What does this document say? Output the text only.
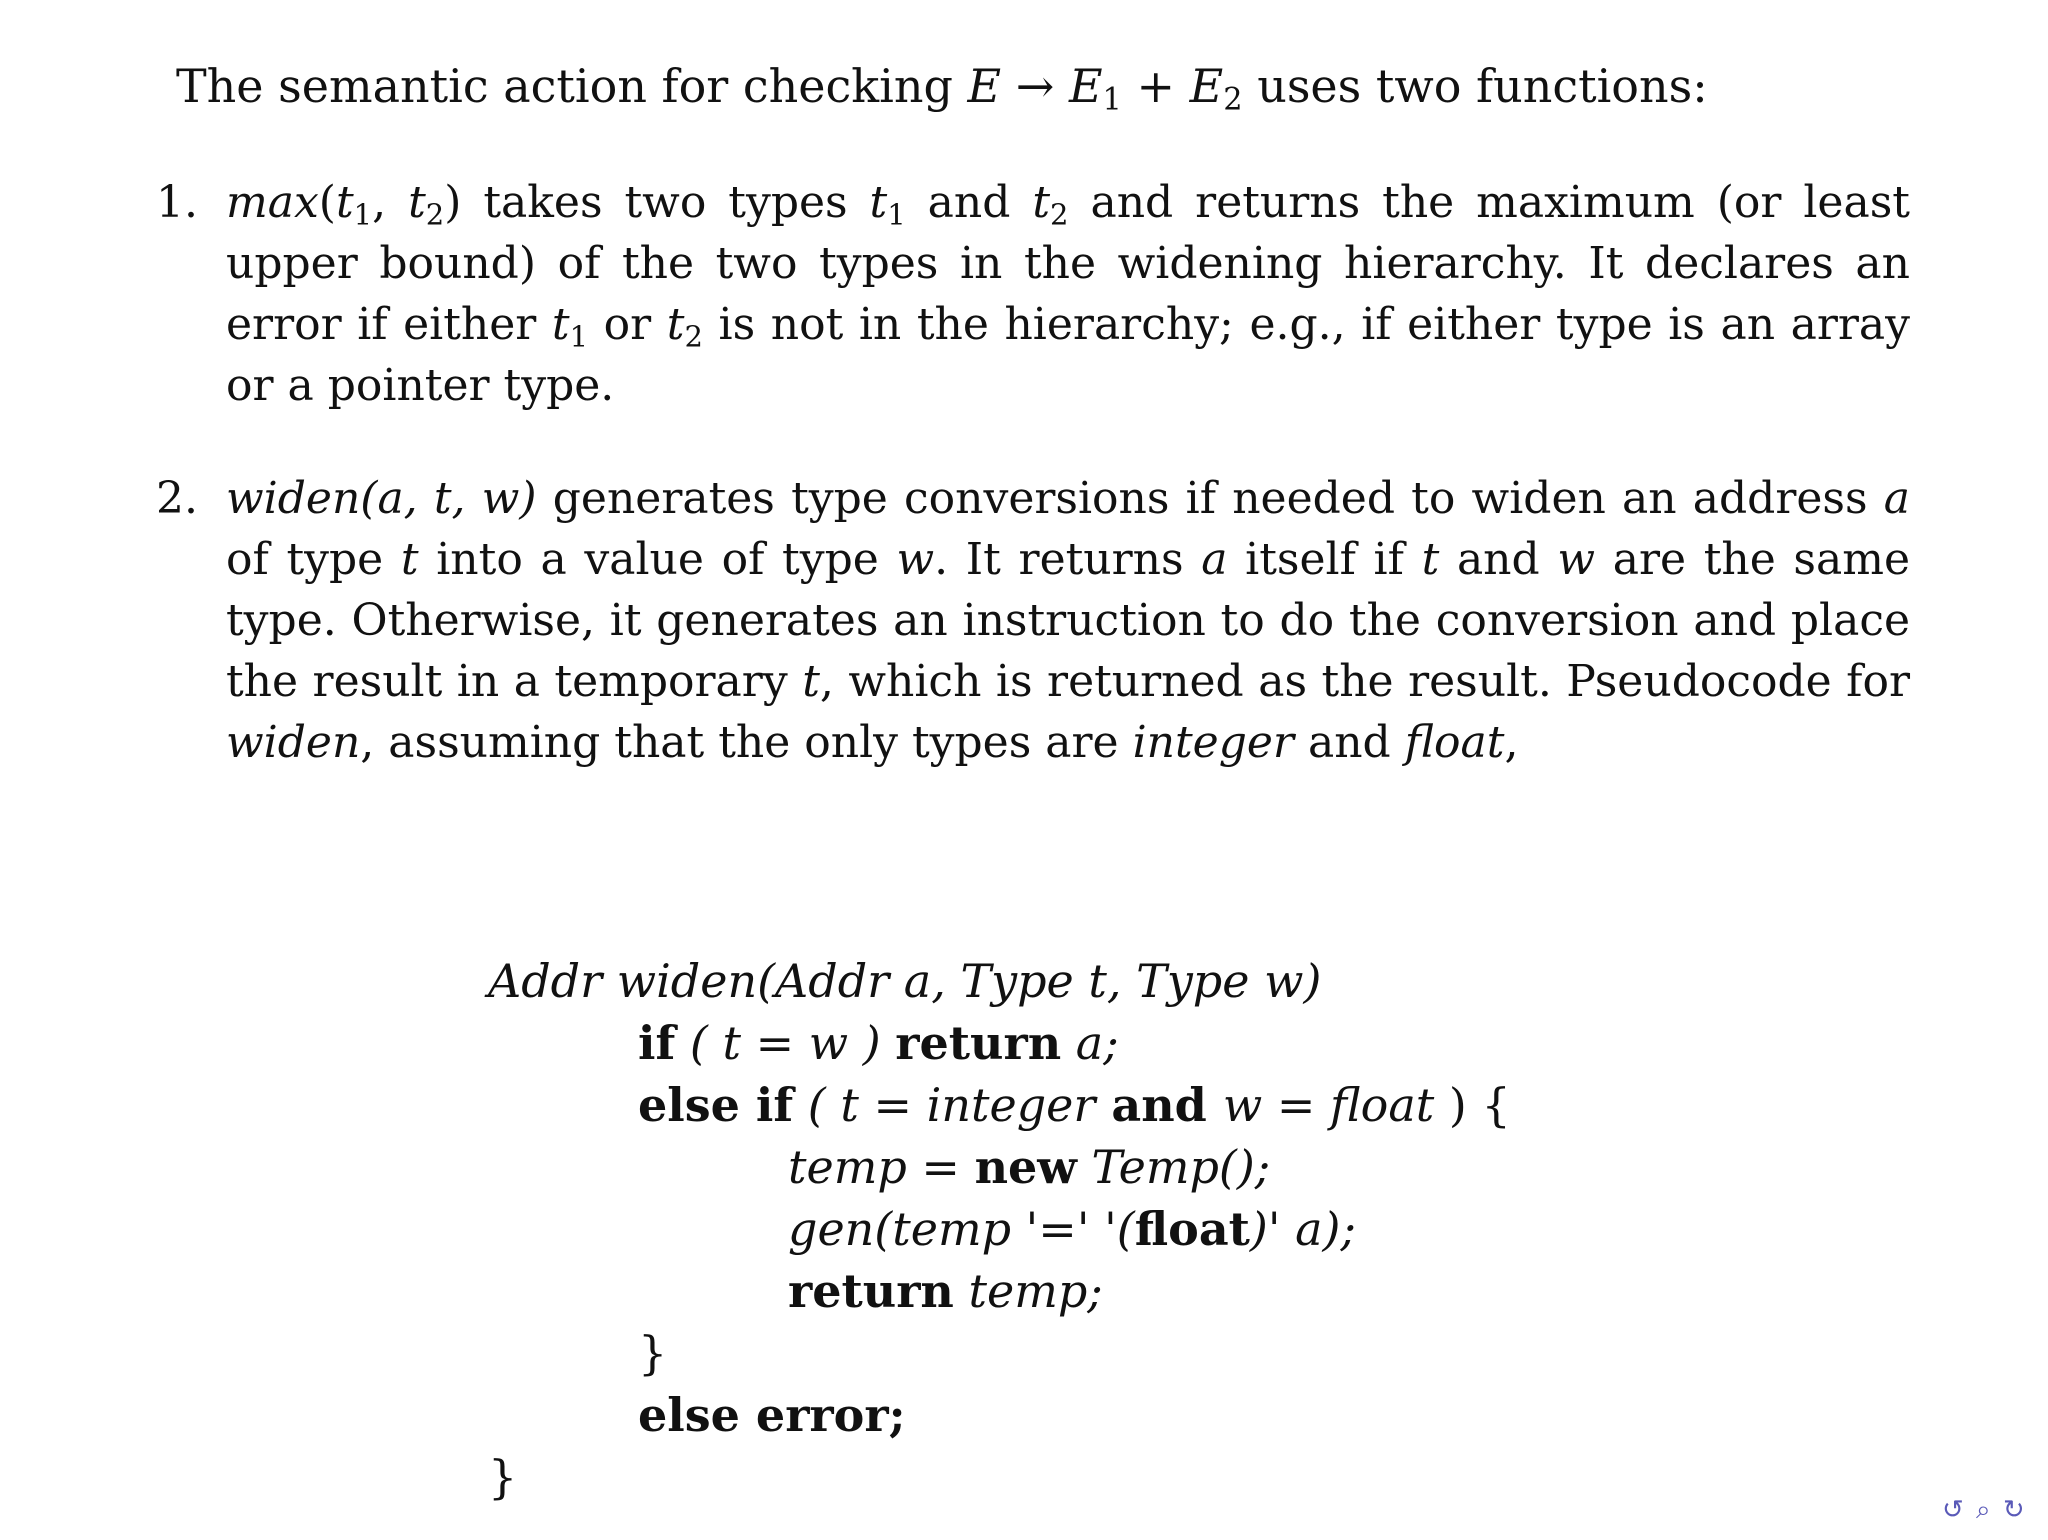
The semantic action for checking $E \to E_1 + E_2$ uses two functions:
1. $\max(t_1$, $t_2$) takes two types $t_1$ and $t_2$ and returns the maximum (or least upper bound) of the two types in the widening hierarchy. It declares an error if either $t_1$ or $t_2$ is not in the hierarchy; e.g., if either type is an array or a pointer type.
2. widen(a, t, w) generates type conversions if needed to widen an address a of type t into a value of type w. It returns a itself if t and w are the same type. Otherwise, it generates an instruction to do the conversion and place the result in a temporary t, which is returned as the result. Pseudocode for widen, assuming that the only types are integer and float,
Addr widen(Addr a, Type t, Type w)
if ( t = w ) return a;
else if ( t = integer and w = float ) {
temp = new Temp();
gen(temp '=' '(float)' a);
return temp;
}
else error;
}
↺ ⌕ ↻
